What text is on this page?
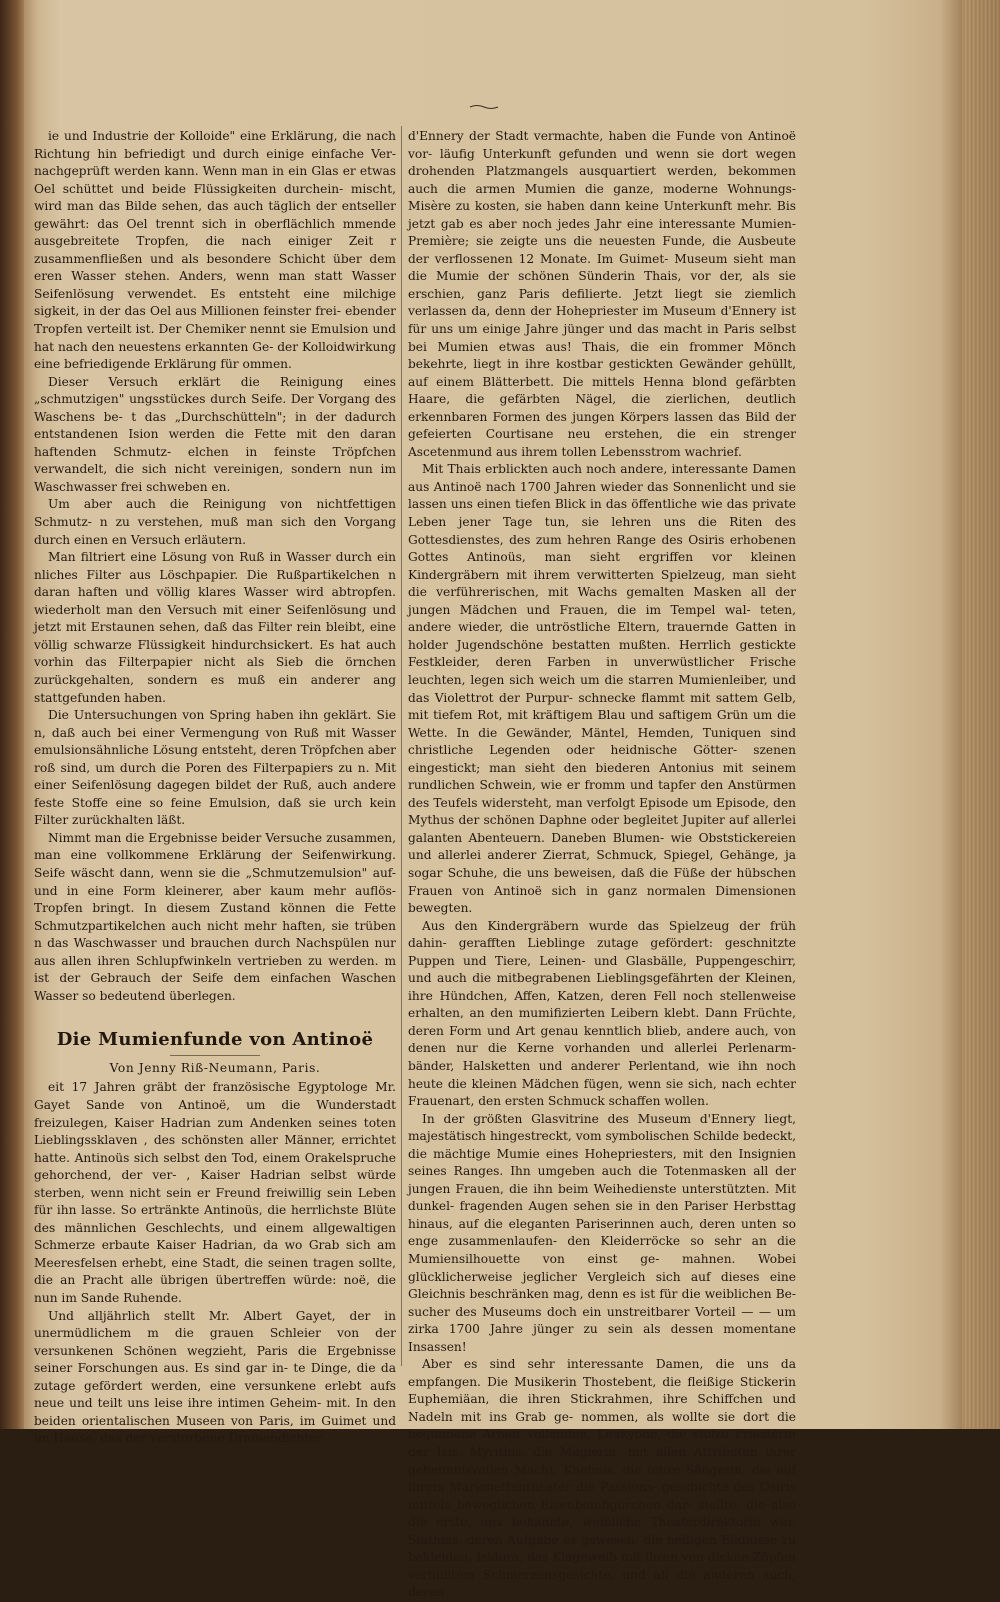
ie und Industrie der Kolloide" eine Erklärung, die nach Richtung hin befriedigt und durch einige einfache Ver- nachgeprüft werden kann. Wenn man in ein Glas er etwas Oel schüttet und beide Flüssigkeiten durchein- mischt, wird man das Bilde sehen, das auch täglich der entseller gewährt: das Oel trennt sich in oberflächlich mmende ausgebreitete Tropfen, die nach einiger Zeit r zusammenfließen und als besondere Schicht über dem eren Wasser stehen. Anders, wenn man statt Wasser Seifenlösung verwendet. Es entsteht eine milchige sigkeit, in der das Oel aus Millionen feinster frei- ebender Tropfen verteilt ist. Der Chemiker nennt sie Emulsion und hat nach den neuestens erkannten Ge- der Kolloidwirkung eine befriedigende Erklärung für ommen.

Dieser Versuch erklärt die Reinigung eines „schmutzigen" ungsstückes durch Seife. Der Vorgang des Waschens be- t das „Durchschütteln"; in der dadurch entstandenen Ision werden die Fette mit den daran haftenden Schmutz- elchen in feinste Tröpfchen verwandelt, die sich nicht vereinigen, sondern nun im Waschwasser frei schweben en.

Um aber auch die Reinigung von nichtfettigen Schmutz- n zu verstehen, muß man sich den Vorgang durch einen en Versuch erläutern.

Man filtriert eine Lösung von Ruß in Wasser durch ein nliches Filter aus Löschpapier. Die Rußpartikelchen n daran haften und völlig klares Wasser wird abtropfen. wiederholt man den Versuch mit einer Seifenlösung und jetzt mit Erstaunen sehen, daß das Filter rein bleibt, eine völlig schwarze Flüssigkeit hindurchsickert. Es hat auch vorhin das Filterpapier nicht als Sieb die örnchen zurückgehalten, sondern es muß ein anderer ang stattgefunden haben.

Die Untersuchungen von Spring haben ihn geklärt. Sie n, daß auch bei einer Vermengung von Ruß mit Wasser emulsionsähnliche Lösung entsteht, deren Tröpfchen aber roß sind, um durch die Poren des Filterpapiers zu n. Mit einer Seifenlösung dagegen bildet der Ruß, auch andere feste Stoffe eine so feine Emulsion, daß sie urch kein Filter zurückhalten läßt.

Nimmt man die Ergebnisse beider Versuche zusammen, man eine vollkommene Erklärung der Seifenwirkung. Seife wäscht dann, wenn sie die „Schmutzemulsion" auf- und in eine Form kleinerer, aber kaum mehr auflös- Tropfen bringt. In diesem Zustand können die Fette Schmutzpartikelchen auch nicht mehr haften, sie trüben n das Waschwasser und brauchen durch Nachspülen nur aus allen ihren Schlupfwinkeln vertrieben zu werden. m ist der Gebrauch der Seife dem einfachen Waschen Wasser so bedeutend überlegen.

Die Mumienfunde von Antinoë
Von Jenny Riß-Neumann, Paris.

eit 17 Jahren gräbt der französische Egyptologe Mr. Gayet Sande von Antinoë, um die Wunderstadt freizulegen, Kaiser Hadrian zum Andenken seines toten Lieblingssklaven , des schönsten aller Männer, errichtet hatte. Antinoüs sich selbst den Tod, einem Orakelspruche gehorchend, der ver- , Kaiser Hadrian selbst würde sterben, wenn nicht sein er Freund freiwillig sein Leben für ihn lasse. So ertränkte Antinoüs, die herrlichste Blüte des männlichen Geschlechts, und einem allgewaltigen Schmerze erbaute Kaiser Hadrian, da wo Grab sich am Meeresfelsen erhebt, eine Stadt, die seinen tragen sollte, die an Pracht alle übrigen übertreffen würde: noë, die nun im Sande Ruhende.

Und alljährlich stellt Mr. Albert Gayet, der in unermüdlichem m die grauen Schleier von der versunkenen Schönen wegzieht, Paris die Ergebnisse seiner Forschungen aus. Es sind gar in- te Dinge, die da zutage gefördert werden, eine versunkene erlebt aufs neue und teilt uns leise ihre intimen Geheim- mit. In den beiden orientalischen Museen von Paris, im Guimet und im Hause, das der verstorbene Dramendichter

d'Ennery der Stadt vermachte, haben die Funde von Antinoë vor- läufig Unterkunft gefunden und wenn sie dort wegen drohenden Platzmangels ausquartiert werden, bekommen auch die armen Mumien die ganze, moderne Wohnungs-Misère zu kosten, sie haben dann keine Unterkunft mehr. Bis jetzt gab es aber noch jedes Jahr eine interessante Mumien-Première; sie zeigte uns die neuesten Funde, die Ausbeute der verflossenen 12 Monate. Im Guimet- Museum sieht man die Mumie der schönen Sünderin Thais, vor der, als sie erschien, ganz Paris defilierte. Jetzt liegt sie ziemlich verlassen da, denn der Hohepriester im Museum d'Ennery ist für uns um einige Jahre jünger und das macht in Paris selbst bei Mumien etwas aus! Thais, die ein frommer Mönch bekehrte, liegt in ihre kostbar gestickten Gewänder gehüllt, auf einem Blätterbett. Die mittels Henna blond gefärbten Haare, die gefärbten Nägel, die zierlichen, deutlich erkennbaren Formen des jungen Körpers lassen das Bild der gefeierten Courtisane neu erstehen, die ein strenger Ascetenmund aus ihrem tollen Lebensstrom wachrief.

Mit Thais erblickten auch noch andere, interessante Damen aus Antinoë nach 1700 Jahren wieder das Sonnenlicht und sie lassen uns einen tiefen Blick in das öffentliche wie das private Leben jener Tage tun, sie lehren uns die Riten des Gottesdienstes, des zum hehren Range des Osiris erhobenen Gottes Antinoüs, man sieht ergriffen vor kleinen Kindergräbern mit ihrem verwitterten Spielzeug, man sieht die verführerischen, mit Wachs gemalten Masken all der jungen Mädchen und Frauen, die im Tempel wal- teten, andere wieder, die untröstliche Eltern, trauernde Gatten in holder Jugendschöne bestatten mußten. Herrlich gestickte Festkleider, deren Farben in unverwüstlicher Frische leuchten, legen sich weich um die starren Mumienleiber, und das Violettrot der Purpur- schnecke flammt mit sattem Gelb, mit tiefem Rot, mit kräftigem Blau und saftigem Grün um die Wette. In die Gewänder, Mäntel, Hemden, Tuniquen sind christliche Legenden oder heidnische Götter- szenen eingestickt; man sieht den biederen Antonius mit seinem rundlichen Schwein, wie er fromm und tapfer den Anstürmen des Teufels widersteht, man verfolgt Episode um Episode, den Mythus der schönen Daphne oder begleitet Jupiter auf allerlei galanten Abenteuern. Daneben Blumen- wie Obststickereien und allerlei anderer Zierrat, Schmuck, Spiegel, Gehänge, ja sogar Schuhe, die uns beweisen, daß die Füße der hübschen Frauen von Antinoë sich in ganz normalen Dimensionen bewegten.

Aus den Kindergräbern wurde das Spielzeug der früh dahin- gerafften Lieblinge zutage gefördert: geschnitzte Puppen und Tiere, Leinen- und Glasbälle, Puppengeschirr, und auch die mitbegrabenen Lieblingsgefährten der Kleinen, ihre Hündchen, Affen, Katzen, deren Fell noch stellenweise erhalten, an den mumifizierten Leibern klebt. Dann Früchte, deren Form und Art genau kenntlich blieb, andere auch, von denen nur die Kerne vorhanden und allerlei Perlenarm- bänder, Halsketten und anderer Perlentand, wie ihn noch heute die kleinen Mädchen fügen, wenn sie sich, nach echter Frauenart, den ersten Schmuck schaffen wollen.

In der größten Glasvitrine des Museum d'Ennery liegt, majestätisch hingestreckt, vom symbolischen Schilde bedeckt, die mächtige Mumie eines Hohepriesters, mit den Insignien seines Ranges. Ihn umgeben auch die Totenmasken all der jungen Frauen, die ihn beim Weihedienste unterstützten. Mit dunkel- fragenden Augen sehen sie in den Pariser Herbsttag hinaus, auf die eleganten Pariserinnen auch, deren unten so enge zusammenlaufen- den Kleiderröcke so sehr an die Mumiensilhouette von einst ge- mahnen. Wobei glücklicherweise jeglicher Vergleich sich auf dieses eine Gleichnis beschränken mag, denn es ist für die weiblichen Be- sucher des Museums doch ein unstreitbarer Vorteil — — um zirka 1700 Jahre jünger zu sein als dessen momentane Insassen!

Aber es sind sehr interessante Damen, die uns da empfangen. Die Musikerin Thostebent, die fleißige Stickerin Euphemiäan, die ihren Stickrahmen, ihre Schiffchen und Nadeln mit ins Grab ge- nommen, als wollte sie dort die begonnene Arbeit vollenden, Leukyöne, die stolze Priesterin der Isis, Myrithis, die Magierin, mit allen Attributen ihrer geheimnisvollen Macht, Khelmis, die teure Sängerin, die auf ihrem Marionettentheater die Passions- geschichte des Osiris mittels beweglichen Eisenbeinfigürchen dar- stellte, die also die erste, uns bekannte, weibliche Theaterdirektorin war, Sluthias, deren Aufgabe es gewesen, die heiligen Bildnisse zu bekleiden, Isidora, das Klageweib mit ihren von dicken Zöpfen verhülltem Schmerzensgesichte, und all die anderen auch, deren
